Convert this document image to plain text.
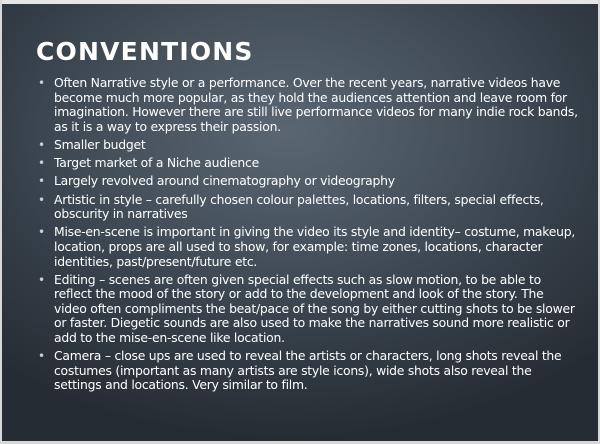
CONVENTIONS
• Often Narrative style or a performance. Over the recent years, narrative videos have become much more popular, as they hold the audiences attention and leave room for imagination. However there are still live performance videos for many indie rock bands, as it is a way to express their passion.
• Smaller budget
• Target market of a Niche audience
• Largely revolved around cinematography or videography
• Artistic in style – carefully chosen colour palettes, locations, filters, special effects, obscurity in narratives
• Mise-en-scene is important in giving the video its style and identity– costume, makeup, location, props are all used to show, for example: time zones, locations, character identities, past/present/future etc.
• Editing – scenes are often given special effects such as slow motion, to be able to reflect the mood of the story or add to the development and look of the story. The video often compliments the beat/pace of the song by either cutting shots to be slower or faster. Diegetic sounds are also used to make the narratives sound more realistic or add to the mise-en-scene like location.
• Camera – close ups are used to reveal the artists or characters, long shots reveal the costumes (important as many artists are style icons), wide shots also reveal the settings and locations. Very similar to film.
